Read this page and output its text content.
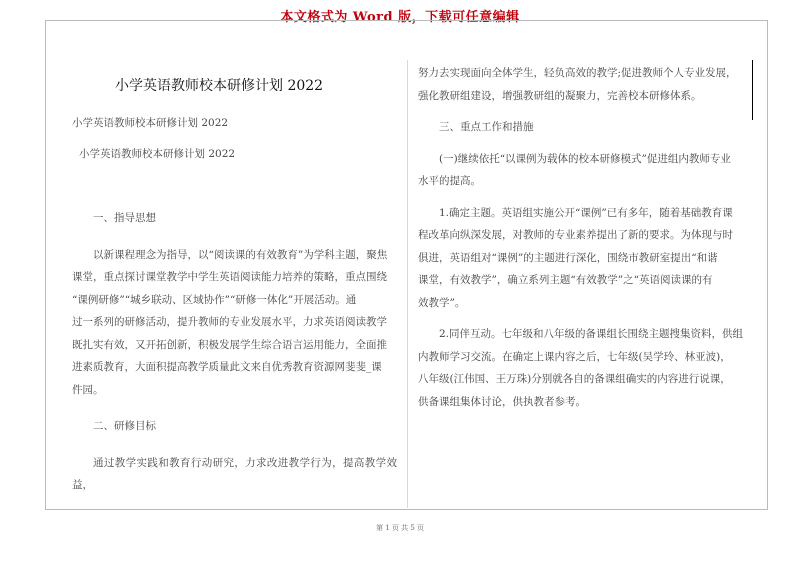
本文格式为 Word 版，下载可任意编辑
小学英语教师校本研修计划 2022

小学英语教师校本研修计划 2022

小学英语教师校本研修计划 2022

一、指导思想

以新课程理念为指导，以“阅读课的有效教育”为学科主题，聚焦

课堂，重点探讨课堂教学中学生英语阅读能力培养的策略，重点围绕

“课例研修”“城乡联动、区域协作”“研修一体化”开展活动。通

过一系列的研修活动，提升教师的专业发展水平，力求英语阅读教学

既扎实有效，又开拓创新，积极发展学生综合语言运用能力，全面推

进素质教育，大面积提高教学质量此文来自优秀教育资源网斐斐_课

件园。

二、研修目标

通过教学实践和教育行动研究，力求改进教学行为，提高教学效益，

努力去实现面向全体学生，轻负高效的教学;促进教师个人专业发展，

强化教研组建设，增强教研组的凝聚力，完善校本研修体系。

三、重点工作和措施

(一)继续依托“以课例为载体的校本研修模式”促进组内教师专业

水平的提高。

1.确定主题。英语组实施公开“课例”已有多年，随着基础教育课

程改革向纵深发展，对教师的专业素养提出了新的要求。为体现与时

俱进，英语组对“课例”的主题进行深化，围绕市教研室提出“和谐

课堂，有效教学”，确立系列主题“有效教学”之“英语阅读课的有

效教学”。

2.同伴互动。七年级和八年级的备课组长围绕主题搜集资料，供组

内教师学习交流。在确定上课内容之后，七年级(吴学玲、林亚波)，

八年级(江伟国、王万珠)分别就各自的备课组确实的内容进行说课，

供备课组集体讨论，供执教者参考。

第 1 页 共 5 页
